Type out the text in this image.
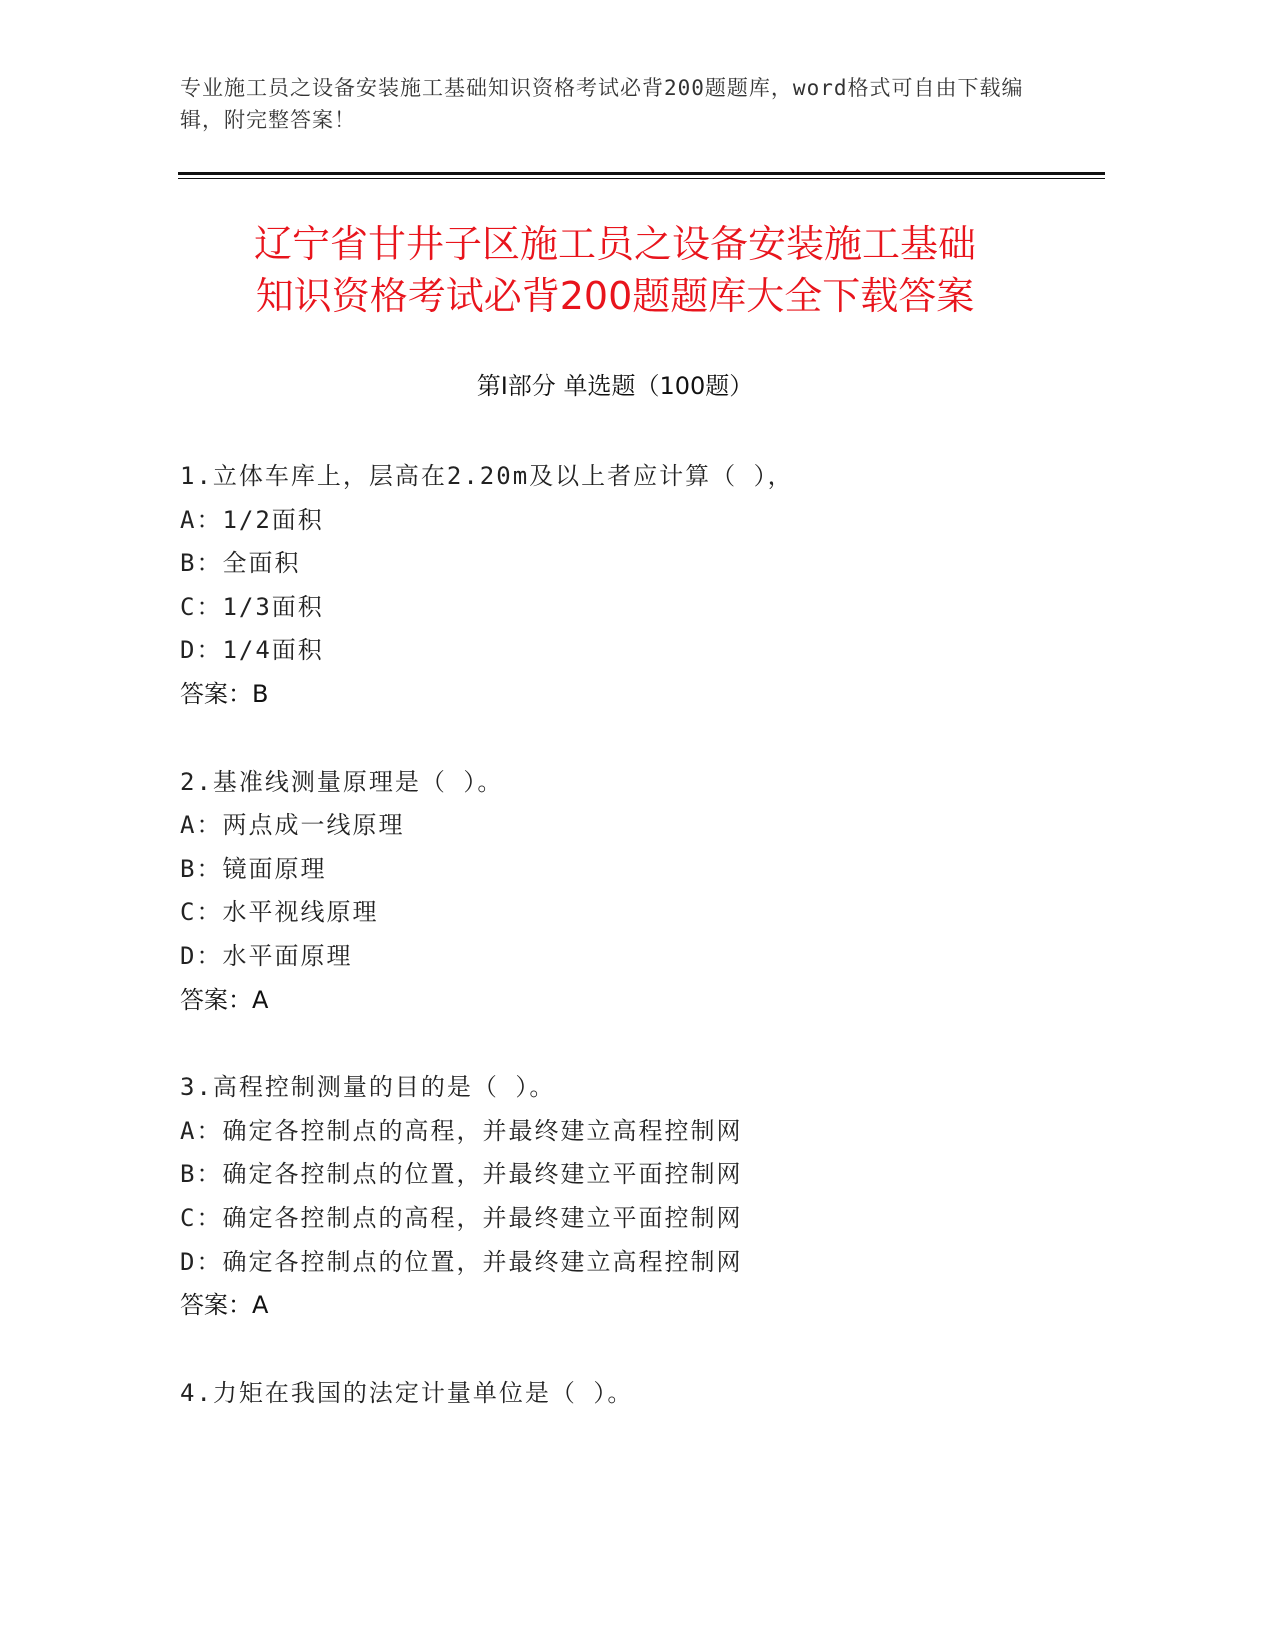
专业施工员之设备安装施工基础知识资格考试必背200题题库，word格式可自由下载编辑，附完整答案！
辽宁省甘井子区施工员之设备安装施工基础
知识资格考试必背200题题库大全下载答案
第Ⅰ部分 单选题（100题）
1.立体车库上，层高在2.20m及以上者应计算（ ），
A：1/2面积
B：全面积
C：1/3面积
D：1/4面积
答案：B
2.基准线测量原理是（ ）。
A：两点成一线原理
B：镜面原理
C：水平视线原理
D：水平面原理
答案：A
3.高程控制测量的目的是（ ）。
A：确定各控制点的高程，并最终建立高程控制网
B：确定各控制点的位置，并最终建立平面控制网
C：确定各控制点的高程，并最终建立平面控制网
D：确定各控制点的位置，并最终建立高程控制网
答案：A
4.力矩在我国的法定计量单位是（ ）。
